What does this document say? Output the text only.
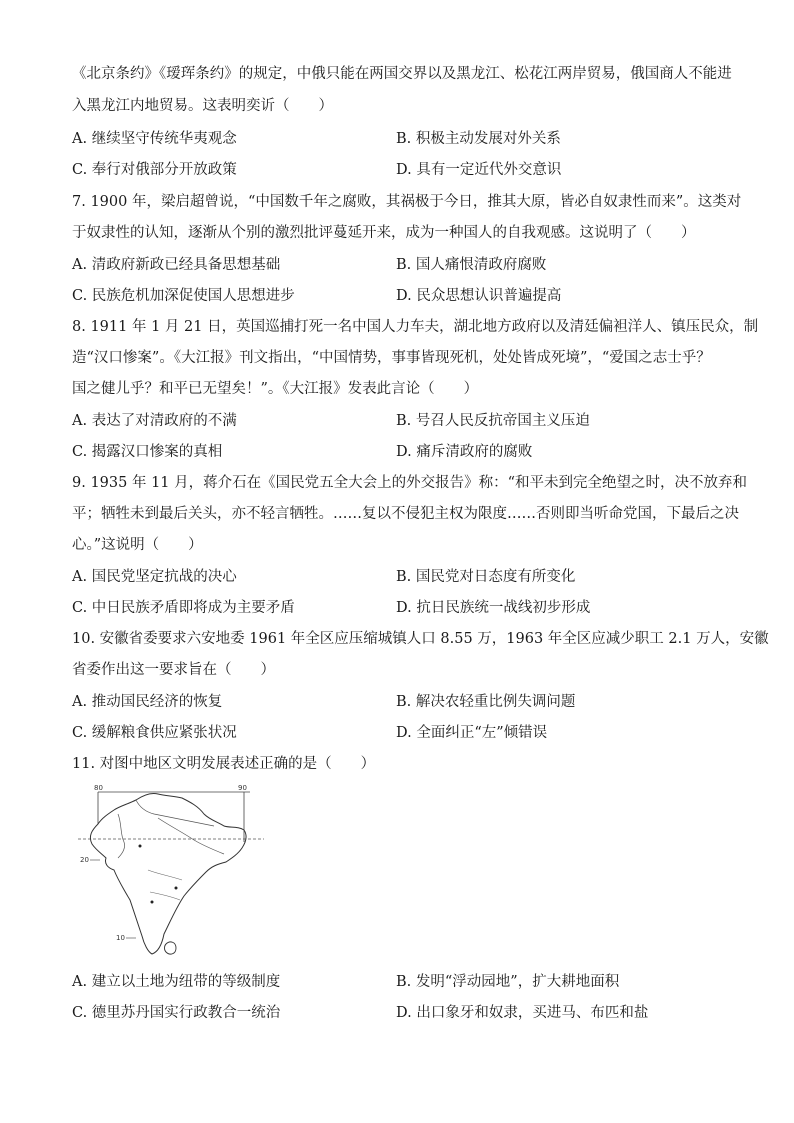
《北京条约》《瑷珲条约》的规定，中俄只能在两国交界以及黑龙江、松花江两岸贸易，俄国商人不能进
入黑龙江内地贸易。这表明奕䜣（　　）
A. 继续坚守传统华夷观念	B. 积极主动发展对外关系
C. 奉行对俄部分开放政策	D. 具有一定近代外交意识
7. 1900 年，梁启超曾说，“中国数千年之腐败，其祸极于今日，推其大原，皆必自奴隶性而来”。这类对
于奴隶性的认知，逐渐从个别的激烈批评蔓延开来，成为一种国人的自我观感。这说明了（　　）
A. 清政府新政已经具备思想基础	B. 国人痛恨清政府腐败
C. 民族危机加深促使国人思想进步	D. 民众思想认识普遍提高
8. 1911 年 1 月 21 日，英国巡捕打死一名中国人力车夫，湖北地方政府以及清廷偏袒洋人、镇压民众，制
造“汉口惨案”。《大江报》刊文指出，“中国情势，事事皆现死机，处处皆成死境”，“爱国之志士乎？
国之健儿乎？和平已无望矣！”。《大江报》发表此言论（　　）
A. 表达了对清政府的不满	B. 号召人民反抗帝国主义压迫
C. 揭露汉口惨案的真相	D. 痛斥清政府的腐败
9. 1935 年 11 月，蒋介石在《国民党五全大会上的外交报告》称：“和平未到完全绝望之时，决不放弃和
平；牺牲未到最后关头，亦不轻言牺牲。……复以不侵犯主权为限度……否则即当听命党国，下最后之决
心。”这说明（　　）
A. 国民党坚定抗战的决心	B. 国民党对日态度有所变化
C. 中日民族矛盾即将成为主要矛盾	D. 抗日民族统一战线初步形成
10. 安徽省委要求六安地委 1961 年全区应压缩城镇人口 8.55 万，1963 年全区应减少职工 2.1 万人，安徽
省委作出这一要求旨在（　　）
A. 推动国民经济的恢复	B. 解决农轻重比例失调问题
C. 缓解粮食供应紧张状况	D. 全面纠正“左”倾错误
11. 对图中地区文明发展表述正确的是（　　）
80	90
20
10
A. 建立以土地为纽带的等级制度	B. 发明“浮动园地”，扩大耕地面积
C. 德里苏丹国实行政教合一统治	D. 出口象牙和奴隶，买进马、布匹和盐
